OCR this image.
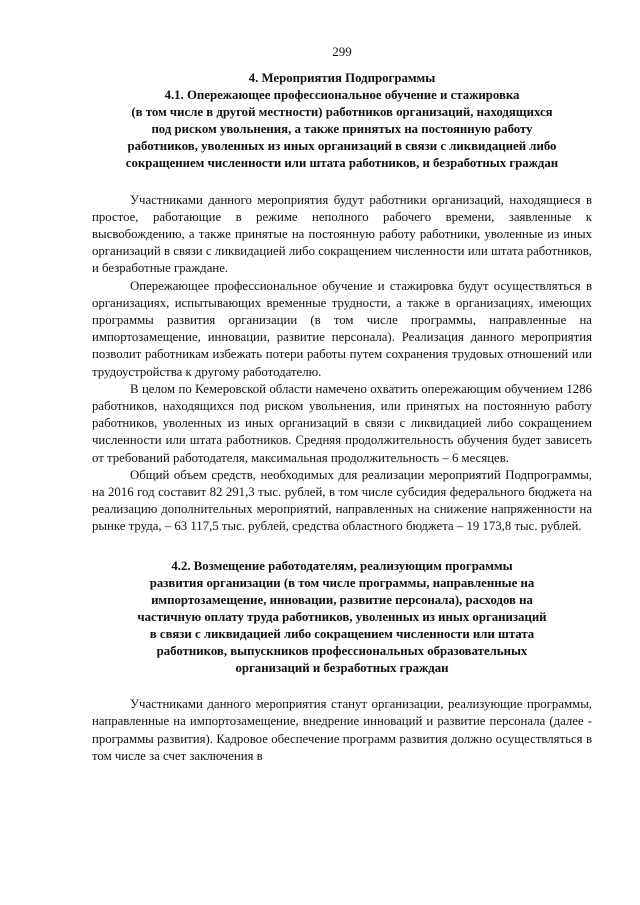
299
4. Мероприятия Подпрограммы
4.1. Опережающее профессиональное обучение и стажировка
(в том числе в другой местности) работников организаций, находящихся
под риском увольнения, а также принятых на постоянную работу
работников, уволенных из иных организаций в связи с ликвидацией либо
сокращением численности или штата работников, и безработных граждан

Участниками данного мероприятия будут работники организаций, находящиеся в простое, работающие в режиме неполного рабочего времени, заявленные к высвобождению, а также принятые на постоянную работу работники, уволенные из иных организаций в связи с ликвидацией либо сокращением численности или штата работников, и безработные граждане.

Опережающее профессиональное обучение и стажировка будут осуществляться в организациях, испытывающих временные трудности, а также в организациях, имеющих программы развития организации (в том числе программы, направленные на импортозамещение, инновации, развитие персонала). Реализация данного мероприятия позволит работникам избежать потери работы путем сохранения трудовых отношений или трудоустройства к другому работодателю.

В целом по Кемеровской области намечено охватить опережающим обучением 1286 работников, находящихся под риском увольнения, или принятых на постоянную работу работников, уволенных из иных организаций в связи с ликвидацией либо сокращением численности или штата работников. Средняя продолжительность обучения будет зависеть от требований работодателя, максимальная продолжительность – 6 месяцев.

Общий объем средств, необходимых для реализации мероприятий Подпрограммы, на 2016 год составит 82 291,3 тыс. рублей, в том числе субсидия федерального бюджета на реализацию дополнительных мероприятий, направленных на снижение напряженности на рынке труда, – 63 117,5 тыс. рублей, средства областного бюджета – 19 173,8 тыс. рублей.

4.2. Возмещение работодателям, реализующим программы
развития организации (в том числе программы, направленные на
импортозамещение, инновации, развитие персонала), расходов на
частичную оплату труда работников, уволенных из иных организаций
в связи с ликвидацией либо сокращением численности или штата
работников, выпускников профессиональных образовательных
организаций и безработных граждан

Участниками данного мероприятия станут организации, реализующие программы, направленные на импортозамещение, внедрение инноваций и развитие персонала (далее - программы развития). Кадровое обеспечение программ развития должно осуществляться в том числе за счет заключения в
